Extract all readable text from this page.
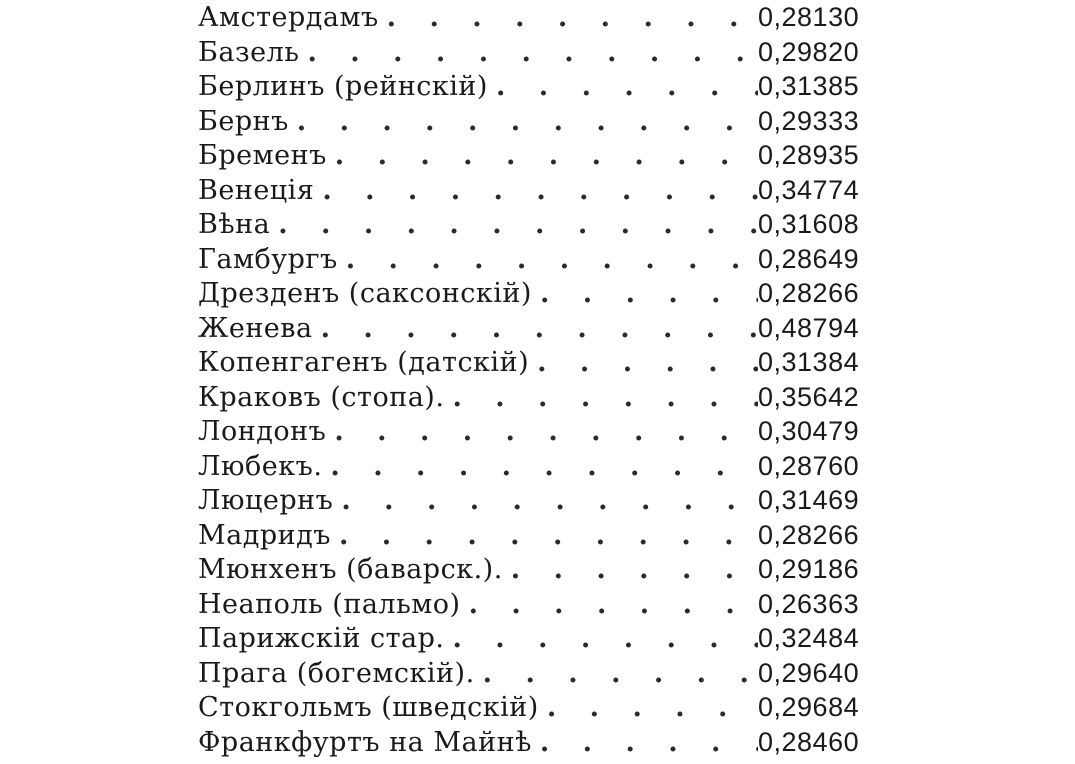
Амстердамъ . . .	0,28130
Базель . . .	0,29820
Берлинъ (рейнскій) . . .	0,31385
Бернъ . . .	0,29333
Бременъ . . .	0,28935
Венеція . . .	0,34774
Вѣна . . .	0,31608
Гамбургъ . . .	0,28649
Дрезденъ (саксонскій) . . .	0,28266
Женева . . .	0,48794
Копенгагенъ (датскій) . . .	0,31384
Краковъ (стопа). . . .	0,35642
Лондонъ . . .	0,30479
Любекъ. . . .	0,28760
Люцернъ . . .	0,31469
Мадридъ . . .	0,28266
Мюнхенъ (баварск.). . . .	0,29186
Неаполь (пальмо) . . .	0,26363
Парижскій стар. . . .	0,32484
Прага (богемскій). . . .	0,29640
Стокгольмъ (шведскій) . . .	0,29684
Франкфуртъ на Майнѣ . . .	0,28460
